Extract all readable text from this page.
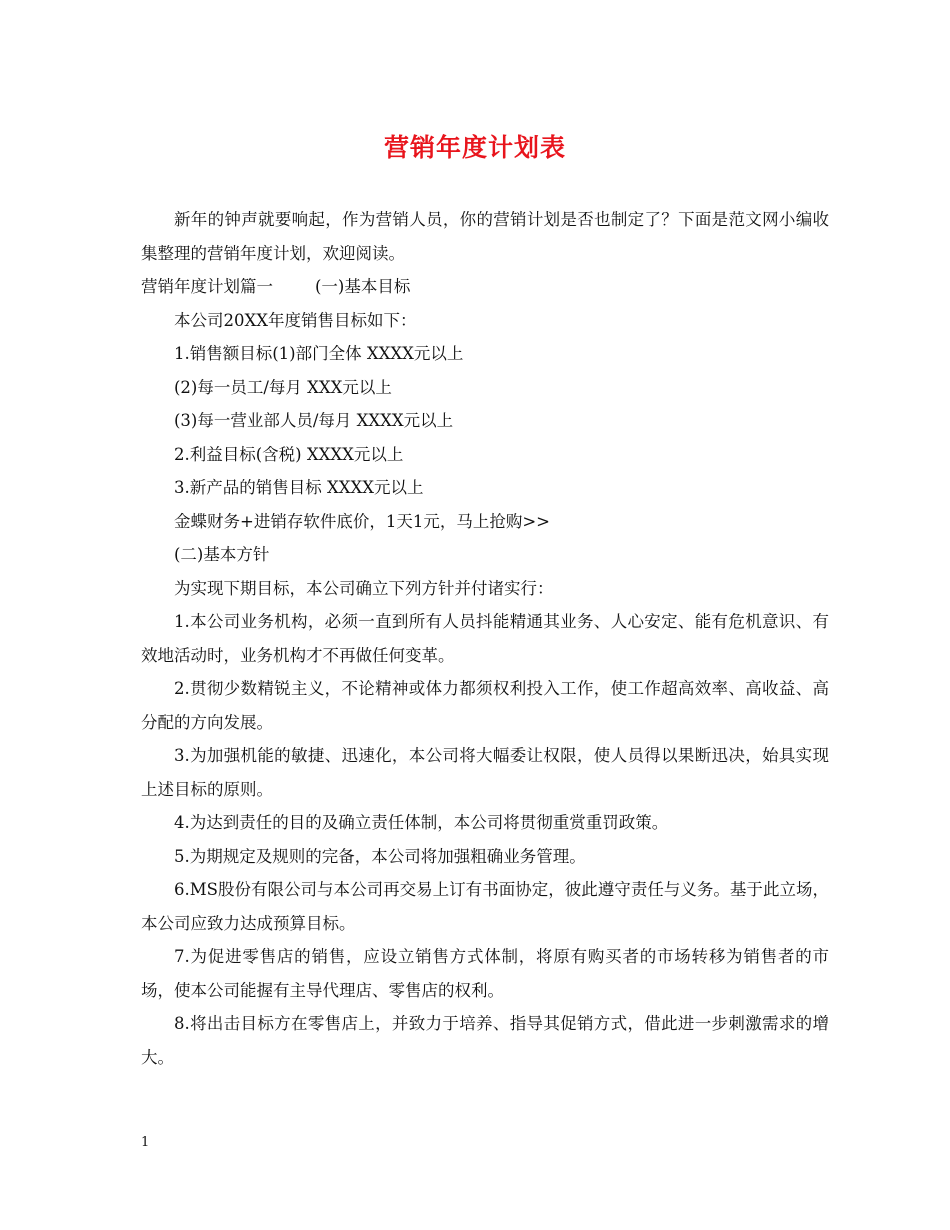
营销年度计划表

新年的钟声就要响起，作为营销人员，你的营销计划是否也制定了？下面是范文网小编收集整理的营销年度计划，欢迎阅读。

营销年度计划篇一	(一)基本目标

本公司20XX年度销售目标如下：

1.销售额目标(1)部门全体 XXXX元以上

(2)每一员工/每月 XXX元以上

(3)每一营业部人员/每月 XXXX元以上

2.利益目标(含税) XXXX元以上

3.新产品的销售目标 XXXX元以上

金蝶财务+进销存软件底价，1天1元，马上抢购>>

(二)基本方针

为实现下期目标，本公司确立下列方针并付诸实行：

1.本公司业务机构，必须一直到所有人员抖能精通其业务、人心安定、能有危机意识、有效地活动时，业务机构才不再做任何变革。

2.贯彻少数精锐主义，不论精神或体力都须权利投入工作，使工作超高效率、高收益、高分配的方向发展。

3.为加强机能的敏捷、迅速化，本公司将大幅委让权限，使人员得以果断迅决，始具实现上述目标的原则。

4.为达到责任的目的及确立责任体制，本公司将贯彻重赏重罚政策。

5.为期规定及规则的完备，本公司将加强粗确业务管理。

6.MS股份有限公司与本公司再交易上订有书面协定，彼此遵守责任与义务。基于此立场，本公司应致力达成预算目标。

7.为促进零售店的销售，应设立销售方式体制，将原有购买者的市场转移为销售者的市场，使本公司能握有主导代理店、零售店的权利。

8.将出击目标方在零售店上，并致力于培养、指导其促销方式，借此进一步刺激需求的增大。

1
